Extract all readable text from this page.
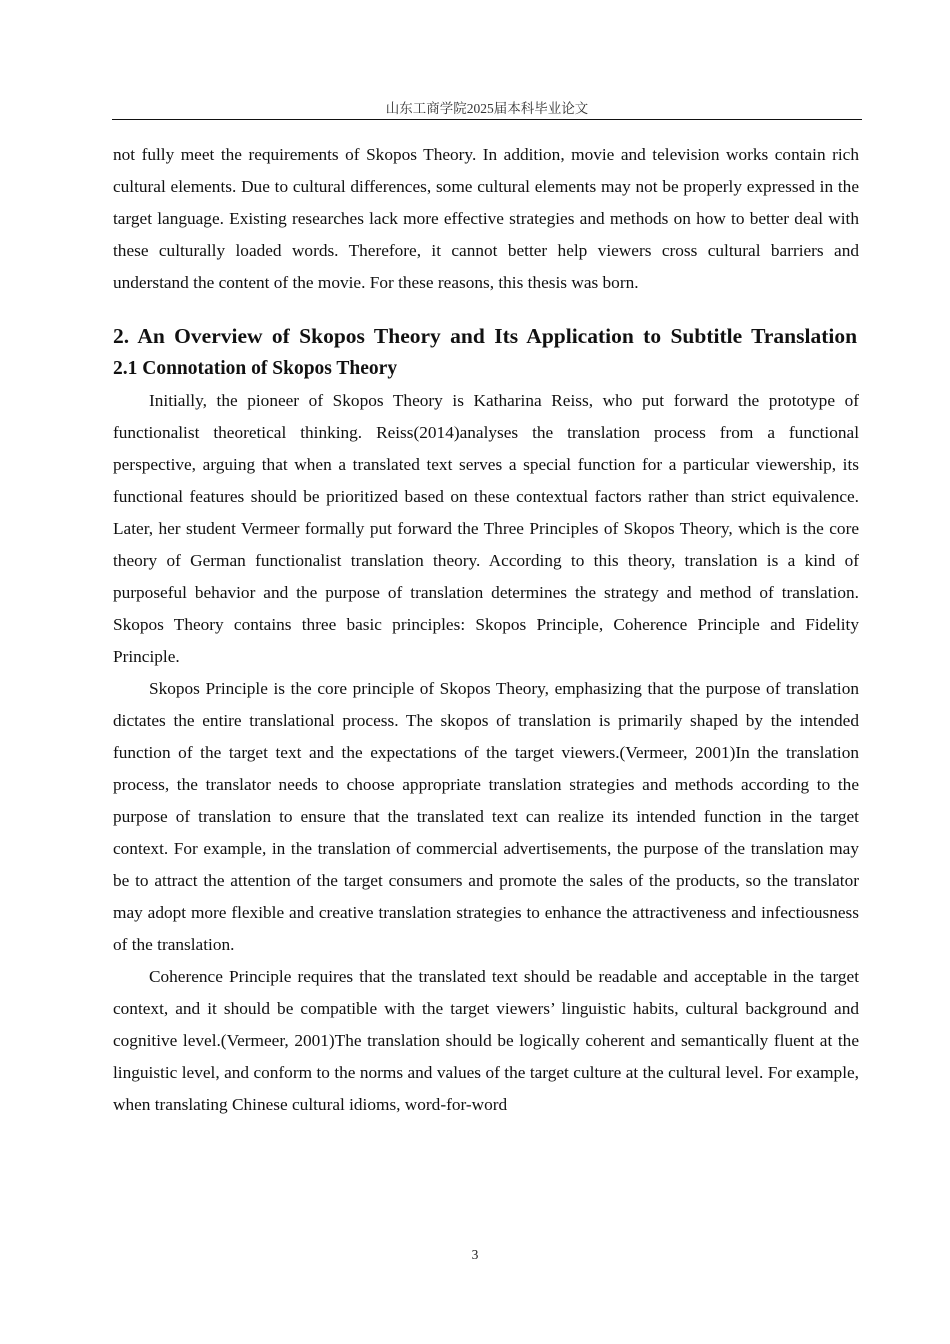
山东工商学院2025届本科毕业论文

not fully meet the requirements of Skopos Theory. In addition, movie and television works contain rich cultural elements. Due to cultural differences, some cultural elements may not be properly expressed in the target language. Existing researches lack more effective strategies and methods on how to better deal with these culturally loaded words. Therefore, it cannot better help viewers cross cultural barriers and understand the content of the movie. For these reasons, this thesis was born.

2. An Overview of Skopos Theory and Its Application to Subtitle Translation
2.1 Connotation of Skopos Theory

Initially, the pioneer of Skopos Theory is Katharina Reiss, who put forward the prototype of functionalist theoretical thinking. Reiss(2014)analyses the translation process from a functional perspective, arguing that when a translated text serves a special function for a particular viewership, its functional features should be prioritized based on these contextual factors rather than strict equivalence. Later, her student Vermeer formally put forward the Three Principles of Skopos Theory, which is the core theory of German functionalist translation theory. According to this theory, translation is a kind of purposeful behavior and the purpose of translation determines the strategy and method of translation. Skopos Theory contains three basic principles: Skopos Principle, Coherence Principle and Fidelity Principle.

Skopos Principle is the core principle of Skopos Theory, emphasizing that the purpose of translation dictates the entire translational process. The skopos of translation is primarily shaped by the intended function of the target text and the expectations of the target viewers.(Vermeer, 2001)In the translation process, the translator needs to choose appropriate translation strategies and methods according to the purpose of translation to ensure that the translated text can realize its intended function in the target context. For example, in the translation of commercial advertisements, the purpose of the translation may be to attract the attention of the target consumers and promote the sales of the products, so the translator may adopt more flexible and creative translation strategies to enhance the attractiveness and infectiousness of the translation.

Coherence Principle requires that the translated text should be readable and acceptable in the target context, and it should be compatible with the target viewers’ linguistic habits, cultural background and cognitive level.(Vermeer, 2001)The translation should be logically coherent and semantically fluent at the linguistic level, and conform to the norms and values of the target culture at the cultural level. For example, when translating Chinese cultural idioms, word-for-word

3
